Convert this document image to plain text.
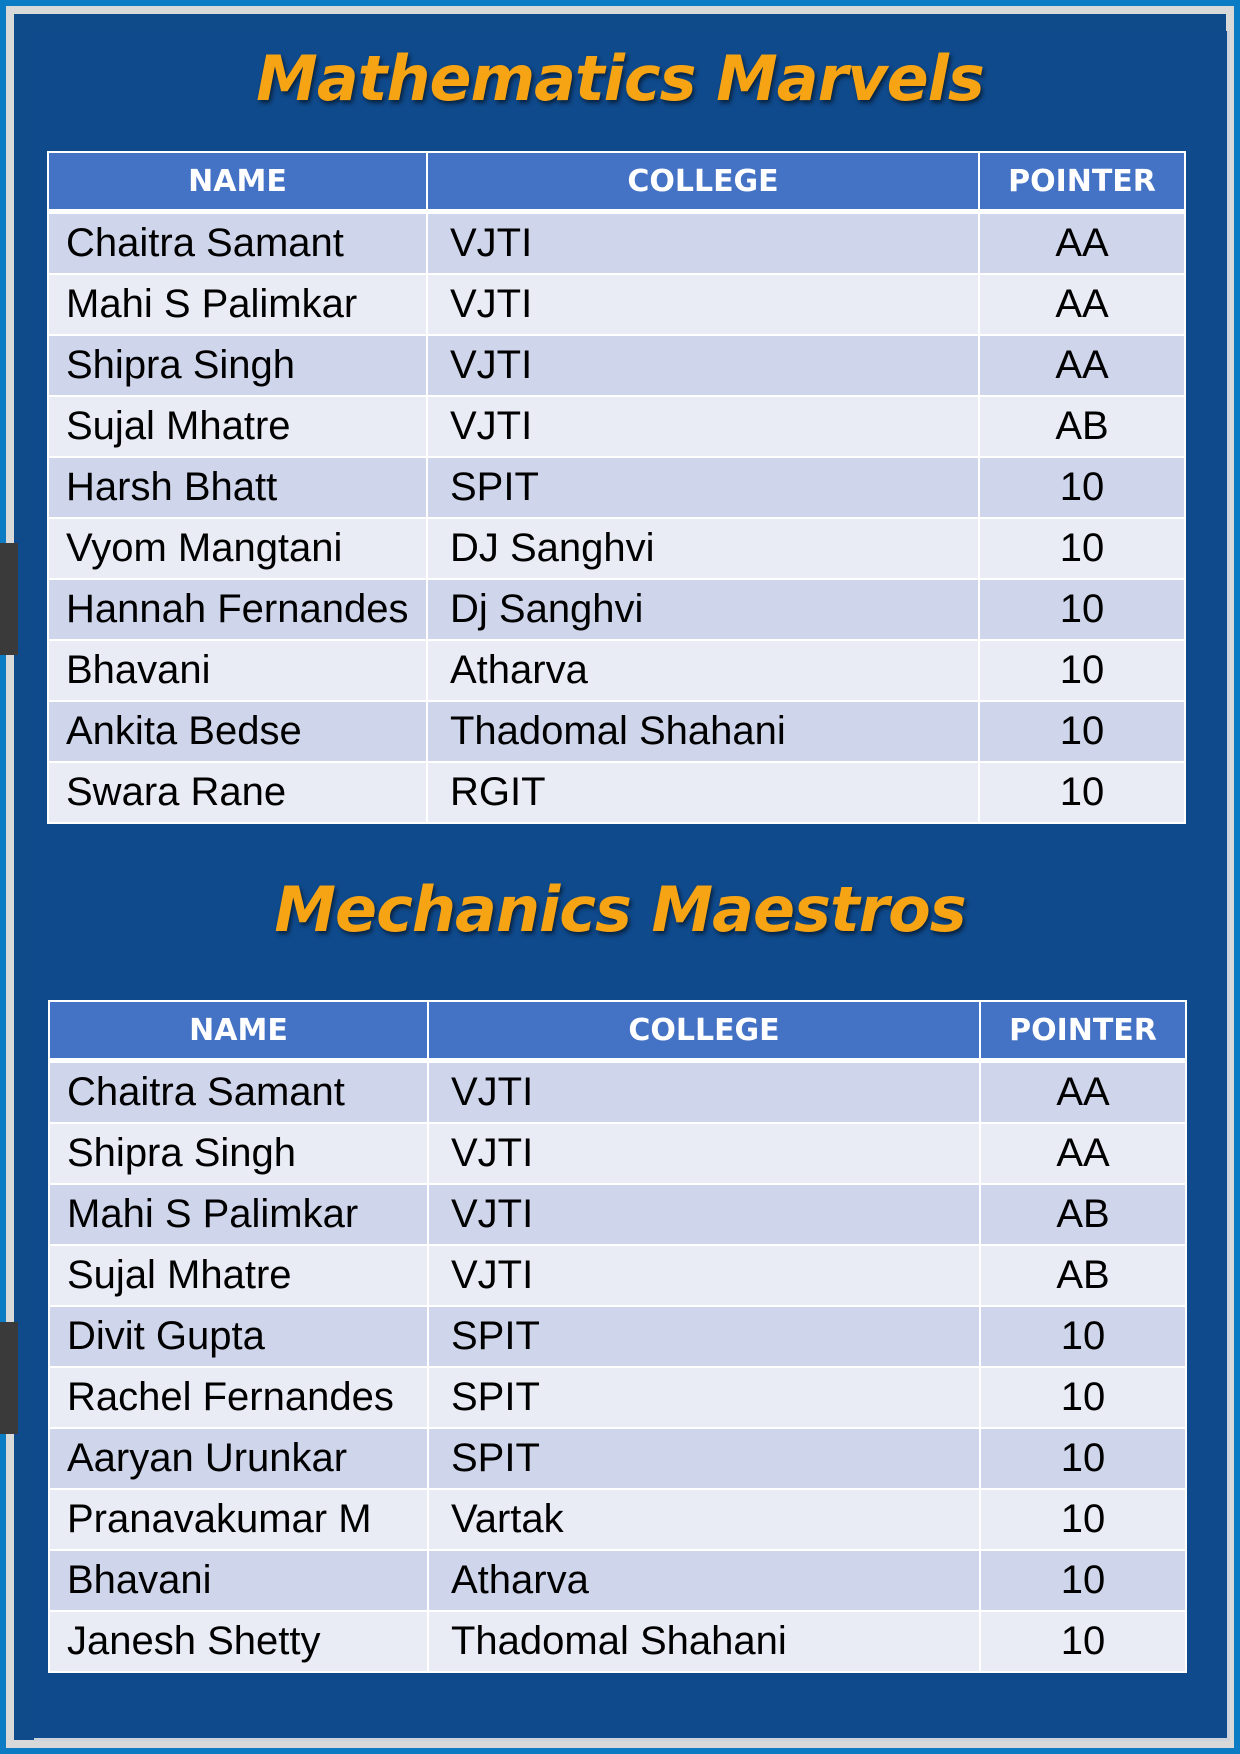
Mathematics Marvels
NAME	COLLEGE	POINTER
Chaitra Samant	VJTI	AA
Mahi S Palimkar	VJTI	AA
Shipra Singh	VJTI	AA
Sujal Mhatre	VJTI	AB
Harsh Bhatt	SPIT	10
Vyom Mangtani	DJ Sanghvi	10
Hannah Fernandes	Dj Sanghvi	10
Bhavani	Atharva	10
Ankita Bedse	Thadomal Shahani	10
Swara Rane	RGIT	10
Mechanics Maestros
NAME	COLLEGE	POINTER
Chaitra Samant	VJTI	AA
Shipra Singh	VJTI	AA
Mahi S Palimkar	VJTI	AB
Sujal Mhatre	VJTI	AB
Divit Gupta	SPIT	10
Rachel Fernandes	SPIT	10
Aaryan Urunkar	SPIT	10
Pranavakumar M	Vartak	10
Bhavani	Atharva	10
Janesh Shetty	Thadomal Shahani	10
